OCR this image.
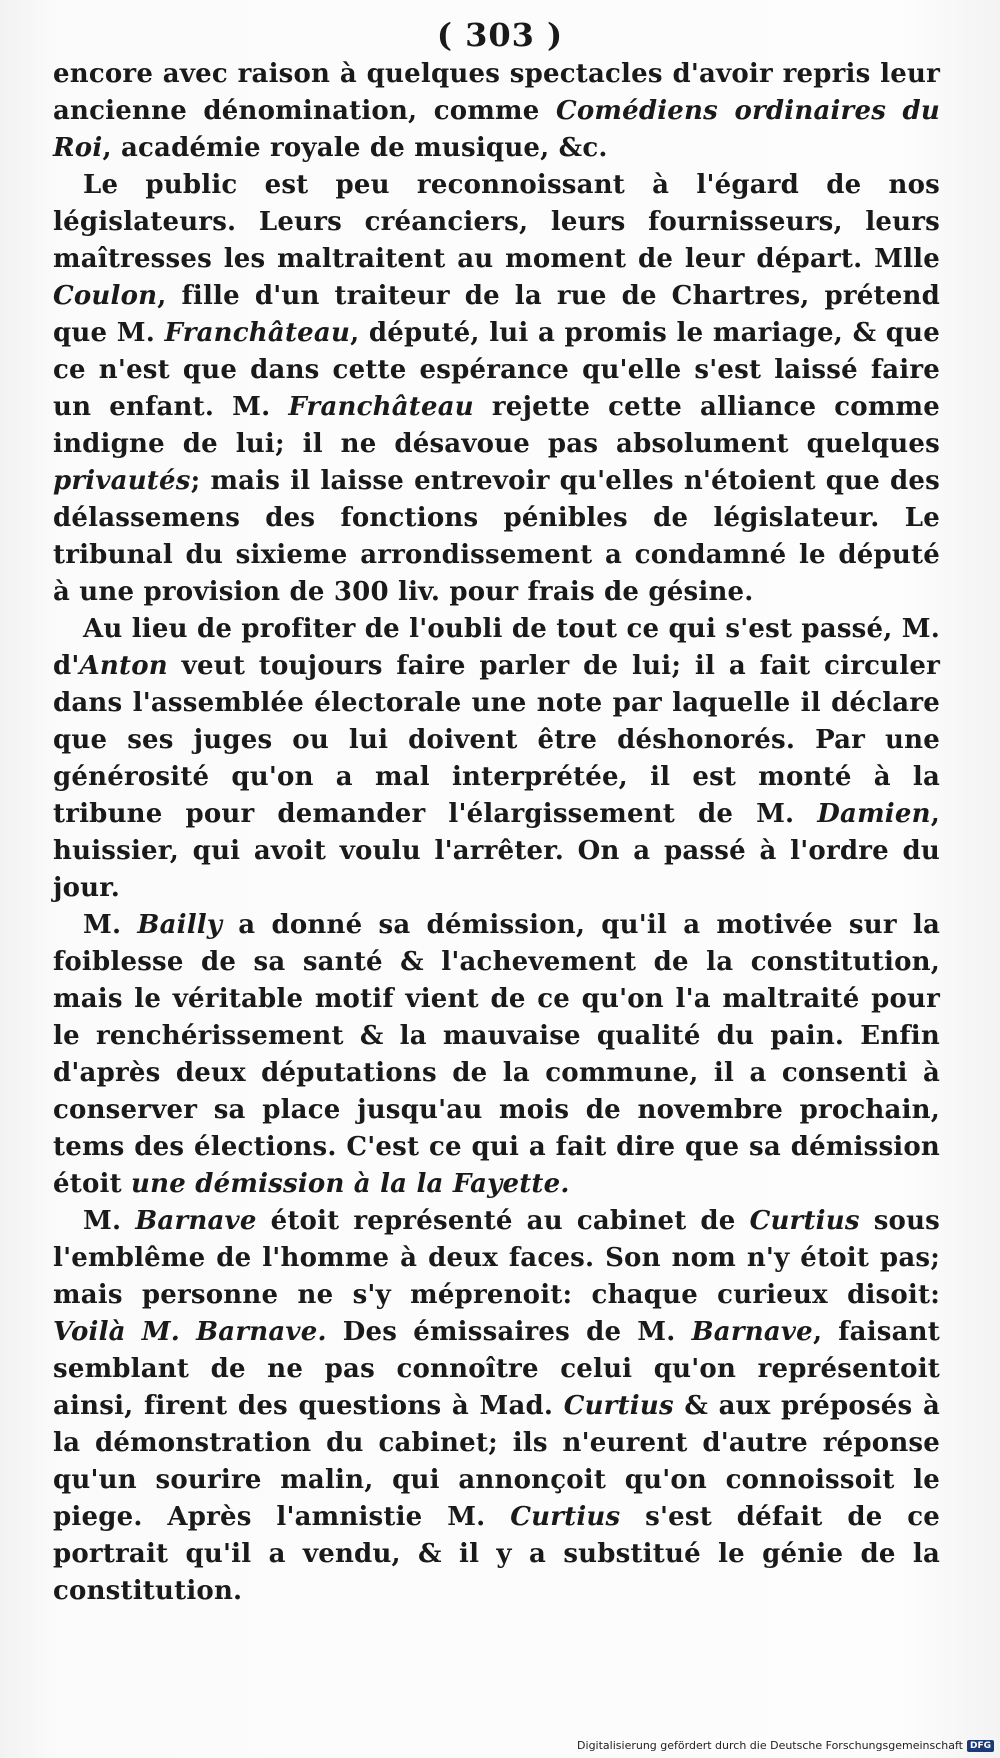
( 303 )

encore avec raison à quelques spectacles d'avoir repris leur ancienne dénomination, comme Comédiens ordinaires du Roi, académie royale de musique, &c.

Le public est peu reconnoissant à l'égard de nos législateurs. Leurs créanciers, leurs fournisseurs, leurs maîtresses les maltraitent au moment de leur départ. Mlle Coulon, fille d'un traiteur de la rue de Chartres, prétend que M. Franchâteau, député, lui a promis le mariage, & que ce n'est que dans cette espérance qu'elle s'est laissé faire un enfant. M. Franchâteau rejette cette alliance comme indigne de lui; il ne désavoue pas absolument quelques privautés; mais il laisse entrevoir qu'elles n'étoient que des délassemens des fonctions pénibles de législateur. Le tribunal du sixieme arrondissement a condamné le député à une provision de 300 liv. pour frais de gésine.

Au lieu de profiter de l'oubli de tout ce qui s'est passé, M. d'Anton veut toujours faire parler de lui; il a fait circuler dans l'assemblée électorale une note par laquelle il déclare que ses juges ou lui doivent être déshonorés. Par une générosité qu'on a mal interprétée, il est monté à la tribune pour demander l'élargissement de M. Damien, huissier, qui avoit voulu l'arrêter. On a passé à l'ordre du jour.

M. Bailly a donné sa démission, qu'il a motivée sur la foiblesse de sa santé & l'achevement de la constitution, mais le véritable motif vient de ce qu'on l'a maltraité pour le renchérissement & la mauvaise qualité du pain. Enfin d'après deux députations de la commune, il a consenti à conserver sa place jusqu'au mois de novembre prochain, tems des élections. C'est ce qui a fait dire que sa démission étoit une démission à la la Fayette.

M. Barnave étoit représenté au cabinet de Curtius sous l'emblême de l'homme à deux faces. Son nom n'y étoit pas; mais personne ne s'y méprenoit: chaque curieux disoit: Voilà M. Barnave. Des émissaires de M. Barnave, faisant semblant de ne pas connoître celui qu'on représentoit ainsi, firent des questions à Mad. Curtius & aux préposés à la démonstration du cabinet; ils n'eurent d'autre réponse qu'un sourire malin, qui annonçoit qu'on connoissoit le piege. Après l'amnistie M. Curtius s'est défait de ce portrait qu'il a vendu, & il y a substitué le génie de la constitution.

Digitalisierung gefördert durch die Deutsche Forschungsgemeinschaft DFG
